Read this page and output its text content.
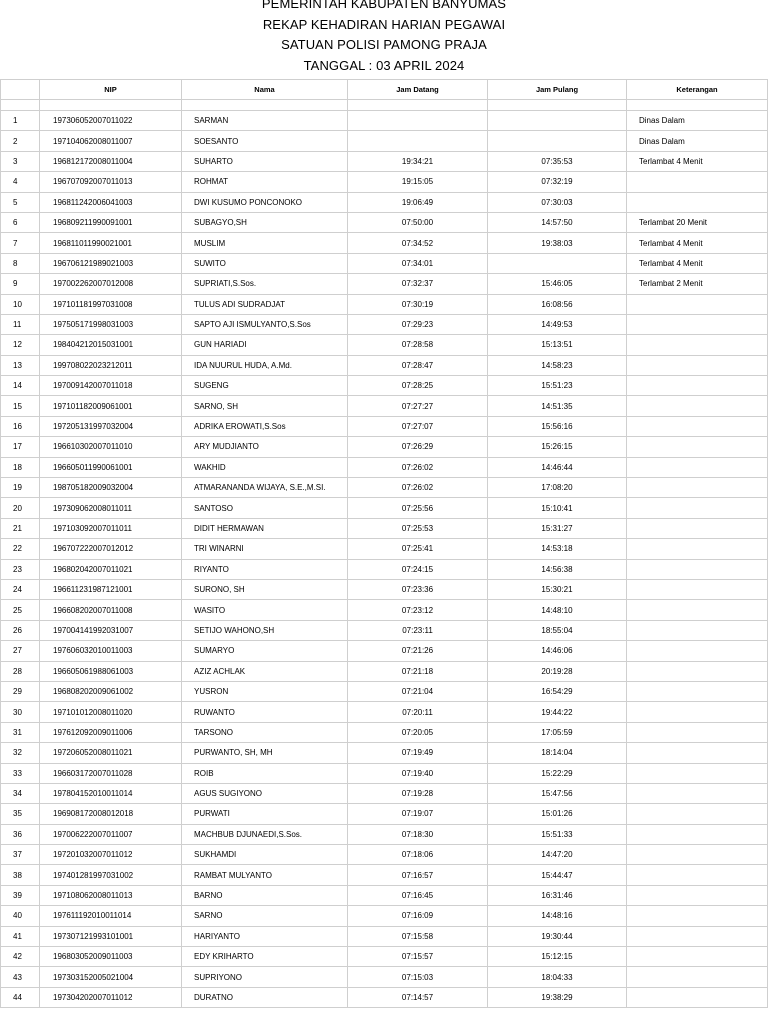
PEMERINTAH KABUPATEN BANYUMAS
REKAP KEHADIRAN HARIAN PEGAWAI
SATUAN POLISI PAMONG PRAJA
TANGGAL : 03 APRIL 2024
	NIP	Nama	Jam Datang	Jam Pulang	Keterangan

1	197306052007011022	SARMAN			Dinas Dalam
2	197104062008011007	SOESANTO			Dinas Dalam
3	196812172008011004	SUHARTO	19:34:21	07:35:53	Terlambat 4 Menit
4	196707092007011013	ROHMAT	19:15:05	07:32:19	
5	196811242006041003	DWI KUSUMO PONCONOKO	19:06:49	07:30:03	
6	196809211990091001	SUBAGYO,SH	07:50:00	14:57:50	Terlambat 20 Menit
7	196811011990021001	MUSLIM	07:34:52	19:38:03	Terlambat 4 Menit
8	196706121989021003	SUWITO	07:34:01		Terlambat 4 Menit
9	197002262007012008	SUPRIATI,S.Sos.	07:32:37	15:46:05	Terlambat 2 Menit
10	197101181997031008	TULUS ADI SUDRADJAT	07:30:19	16:08:56	
11	197505171998031003	SAPTO AJI ISMULYANTO,S.Sos	07:29:23	14:49:53	
12	198404212015031001	GUN HARIADI	07:28:58	15:13:51	
13	199708022023212011	IDA NUURUL HUDA, A.Md.	07:28:47	14:58:23	
14	197009142007011018	SUGENG	07:28:25	15:51:23	
15	197101182009061001	SARNO, SH	07:27:27	14:51:35	
16	197205131997032004	ADRIKA EROWATI,S.Sos	07:27:07	15:56:16	
17	196610302007011010	ARY MUDJIANTO	07:26:29	15:26:15	
18	196605011990061001	WAKHID	07:26:02	14:46:44	
19	198705182009032004	ATMARANANDA WIJAYA, S.E.,M.SI.	07:26:02	17:08:20	
20	197309062008011011	SANTOSO	07:25:56	15:10:41	
21	197103092007011011	DIDIT HERMAWAN	07:25:53	15:31:27	
22	196707222007012012	TRI WINARNI	07:25:41	14:53:18	
23	196802042007011021	RIYANTO	07:24:15	14:56:38	
24	196611231987121001	SURONO, SH	07:23:36	15:30:21	
25	196608202007011008	WASITO	07:23:12	14:48:10	
26	197004141992031007	SETIJO WAHONO,SH	07:23:11	18:55:04	
27	197606032010011003	SUMARYO	07:21:26	14:46:06	
28	196605061988061003	AZIZ ACHLAK	07:21:18	20:19:28	
29	196808202009061002	YUSRON	07:21:04	16:54:29	
30	197101012008011020	RUWANTO	07:20:11	19:44:22	
31	197612092009011006	TARSONO	07:20:05	17:05:59	
32	197206052008011021	PURWANTO, SH, MH	07:19:49	18:14:04	
33	196603172007011028	ROIB	07:19:40	15:22:29	
34	197804152010011014	AGUS SUGIYONO	07:19:28	15:47:56	
35	196908172008012018	PURWATI	07:19:07	15:01:26	
36	197006222007011007	MACHBUB DJUNAEDI,S.Sos.	07:18:30	15:51:33	
37	197201032007011012	SUKHAMDI	07:18:06	14:47:20	
38	197401281997031002	RAMBAT MULYANTO	07:16:57	15:44:47	
39	197108062008011013	BARNO	07:16:45	16:31:46	
40	197611192010011014	SARNO	07:16:09	14:48:16	
41	197307121993101001	HARIYANTO	07:15:58	19:30:44	
42	196803052009011003	EDY KRIHARTO	07:15:57	15:12:15	
43	197303152005021004	SUPRIYONO	07:15:03	18:04:33	
44	197304202007011012	DURATNO	07:14:57	19:38:29	
